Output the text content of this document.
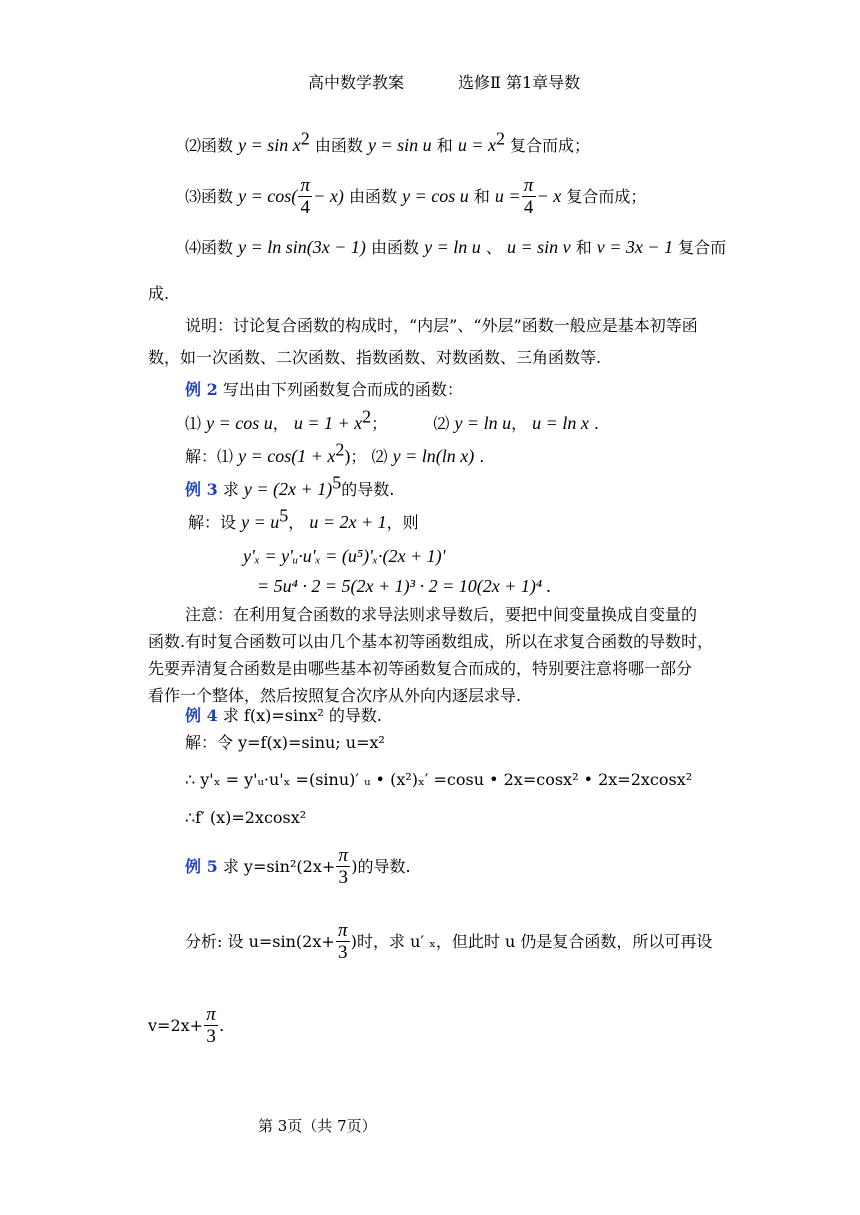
高中数学教案	选修Ⅱ 第1章导数
⑵函数 $y = \sin x^2$ 由函数 y = sin u 和 $u = x^2$ 复合而成；
⑶函数 $y = \cos( \frac{\pi}{4} - x)$ 由函数 y = cos u 和 $u = \frac{\pi}{4} - x$ 复合而成；
⑷函数 y = ln sin(3x − 1) 由函数 y = ln u 、 u = sin v 和 v = 3x − 1 复合而
成.
说明：讨论复合函数的构成时，“内层”、“外层”函数一般应是基本初等函
数，如一次函数、二次函数、指数函数、对数函数、三角函数等.
例 2 写出由下列函数复合而成的函数：
⑴ y = cos u， $u = 1 + x^2$；	⑵ y = ln u， u = ln x .
解：⑴ $y = \cos(1 + x^2)$； ⑵ y = ln(ln x) .
例 3 求 $y = (2x + 1)^5$的导数.
解：设 $y = u^5$， u = 2x + 1，则
y'ₓ = y'ᵤ·u'ₓ = (u⁵)'ₓ·(2x + 1)'
= 5u⁴ · 2 = 5(2x + 1)³ · 2 = 10(2x + 1)⁴ .
注意：在利用复合函数的求导法则求导数后，要把中间变量换成自变量的
函数.有时复合函数可以由几个基本初等函数组成，所以在求复合函数的导数时，
先要弄清复合函数是由哪些基本初等函数复合而成的，特别要注意将哪一部分
看作一个整体，然后按照复合次序从外向内逐层求导.
例 4 求 f(x)=sinx² 的导数.
解：令 y=f(x)=sinu; u=x²
∴ y'ₓ = y'ᵤ·u'ₓ =(sinu)′ ᵤ • (x²)ₓ′ =cosu • 2x=cosx² • 2x=2xcosx²
∴f′ (x)=2xcosx²
例 5 求 $y=\sin^2(2x+ \frac{\pi}{3}$ )的导数.
分析: 设 $u=\sin(2x+ \frac{\pi}{3}$ )时，求 u′ ₓ，但此时 u 仍是复合函数，所以可再设
$v=2x+ \frac{\pi}{3}$ .
第 3页（共 7页）
